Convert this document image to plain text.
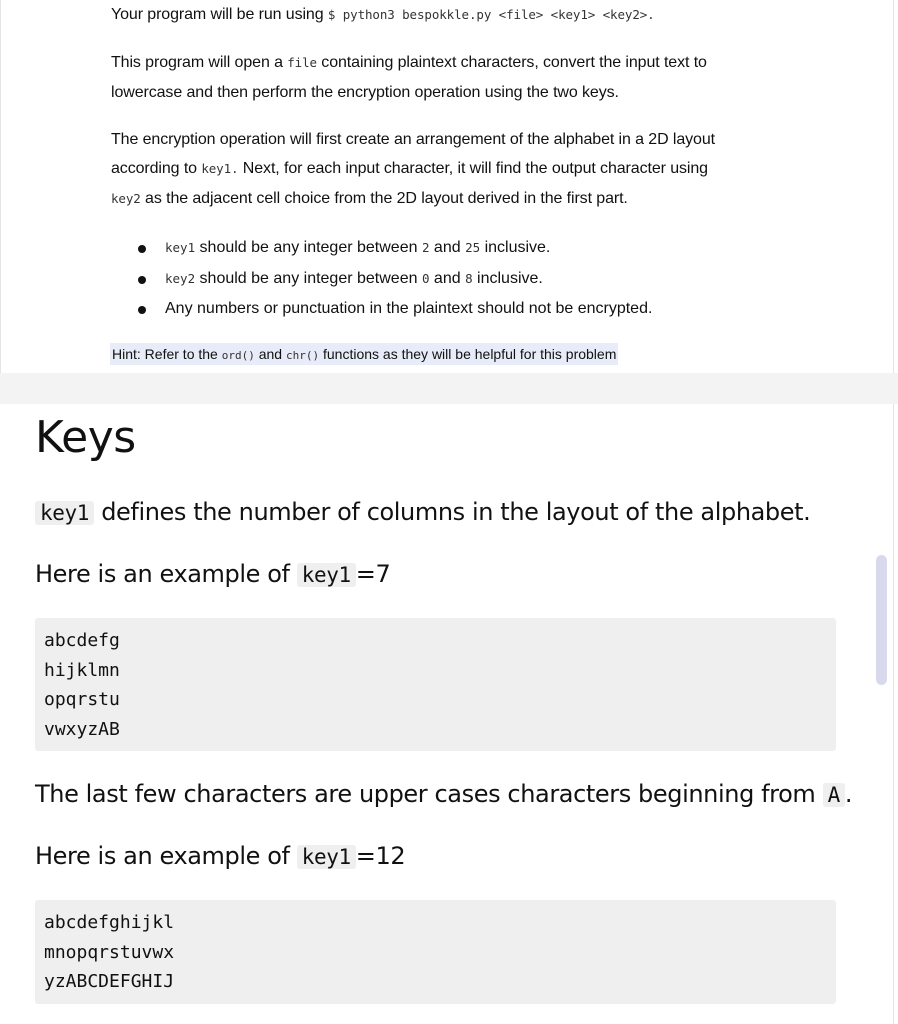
Your program will be run using $ python3 bespokkle.py <file> <key1> <key2>.
This program will open a file containing plaintext characters, convert the input text to
lowercase and then perform the encryption operation using the two keys.
The encryption operation will first create an arrangement of the alphabet in a 2D layout
according to key1. Next, for each input character, it will find the output character using
key2 as the adjacent cell choice from the 2D layout derived in the first part.
key1 should be any integer between 2 and 25 inclusive.
key2 should be any integer between 0 and 8 inclusive.
Any numbers or punctuation in the plaintext should not be encrypted.
Hint: Refer to the ord() and chr() functions as they will be helpful for this problem
Keys
key1 defines the number of columns in the layout of the alphabet.
Here is an example of key1 =7
abcdefg
hijklmn
opqrstu
vwxyzAB
The last few characters are upper cases characters beginning from A .
Here is an example of key1 =12
abcdefghijkl
mnopqrstuvwx
yzABCDEFGHIJ
